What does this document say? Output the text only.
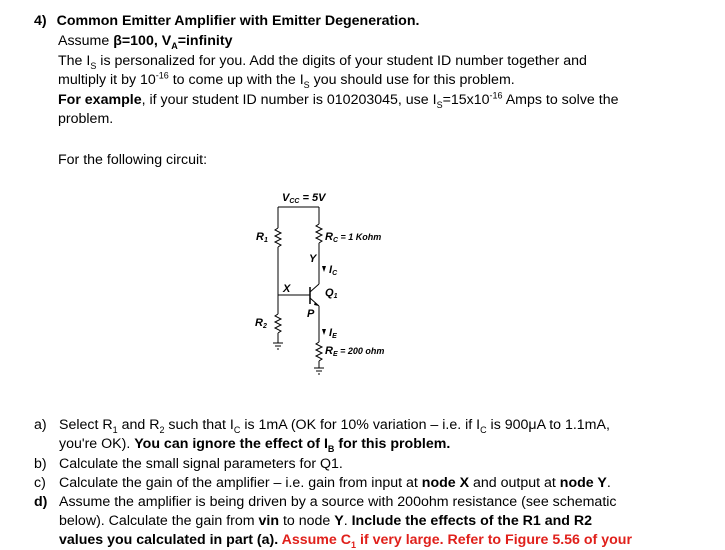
4) Common Emitter Amplifier with Emitter Degeneration.
Assume β=100, $V_A=infinity$
The $I_S$ is personalized for you. Add the digits of your student ID number together and
multiply it by $10^{-16}$ to come up with the $I_S$ you should use for this problem.
For example, if your student ID number is 010203045, use $I_S=15x10^{-16}$ Amps to solve the
problem.
For the following circuit:
VCC = 5V
R1
R2
RC = 1 Kohm
RE = 200 ohm
X
Y
P
IC
IE
Q1
a) Select $R_1$ and $R_2$ such that $I_C$ is 1mA (OK for 10% variation – i.e. if $I_C$ is 900μA to 1.1mA,
you're OK). You can ignore the effect of $I_B$ for this problem.
b) Calculate the small signal parameters for Q1.
c) Calculate the gain of the amplifier – i.e. gain from input at node X and output at node Y.
d) Assume the amplifier is being driven by a source with 200ohm resistance (see schematic
below). Calculate the gain from vin to node Y. Include the effects of the R1 and R2
values you calculated in part (a). Assume $C_1$ if very large. Refer to Figure 5.56 of your
